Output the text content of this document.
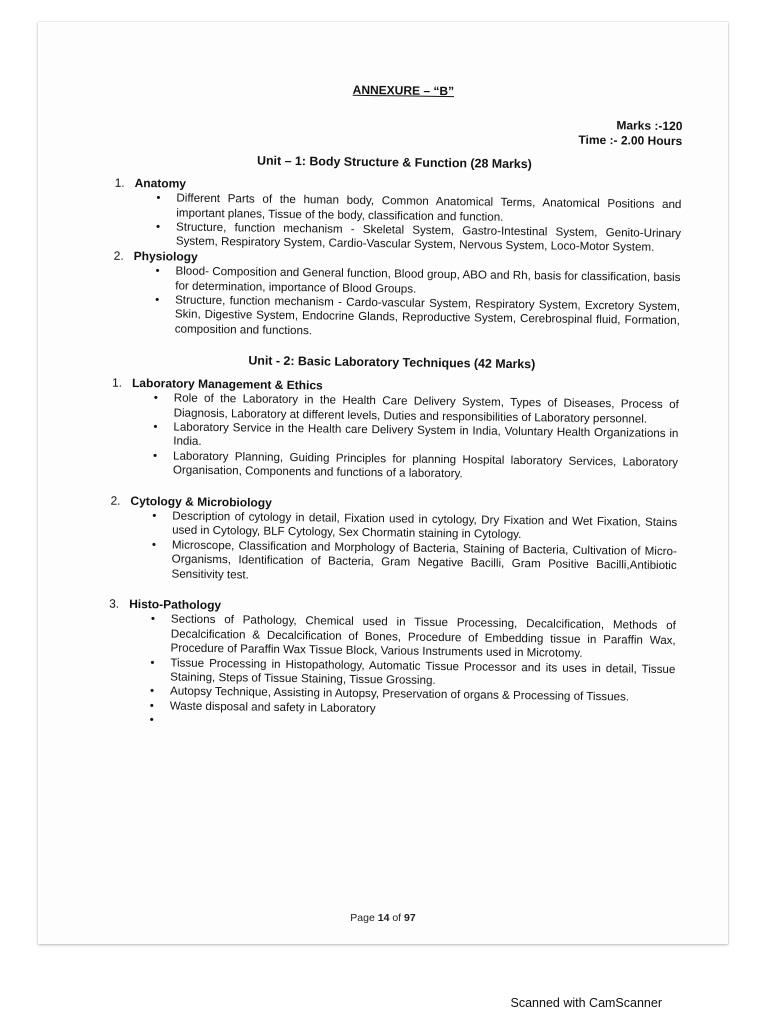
ANNEXURE – “B”
Marks :-120
Time :- 2.00 Hours
Unit – 1: Body Structure & Function (28 Marks)

1. Anatomy

• Different Parts of the human body, Common Anatomical Terms, Anatomical Positions and important planes, Tissue of the body, classification and function.
• Structure, function mechanism - Skeletal System, Gastro-Intestinal System, Genito-Urinary System, Respiratory System, Cardio-Vascular System, Nervous System, Loco-Motor System.

2. Physiology

• Blood- Composition and General function, Blood group, ABO and Rh, basis for classification, basis for determination, importance of Blood Groups.
• Structure, function mechanism - Cardo-vascular System, Respiratory System, Excretory System, Skin, Digestive System, Endocrine Glands, Reproductive System, Cerebrospinal fluid, Formation, composition and functions.
Unit - 2: Basic Laboratory Techniques (42 Marks)

1. Laboratory Management & Ethics

• Role of the Laboratory in the Health Care Delivery System, Types of Diseases, Process of Diagnosis, Laboratory at different levels, Duties and responsibilities of Laboratory personnel.
• Laboratory Service in the Health care Delivery System in India, Voluntary Health Organizations in India.
• Laboratory Planning, Guiding Principles for planning Hospital laboratory Services, Laboratory Organisation, Components and functions of a laboratory.

2. Cytology & Microbiology

• Description of cytology in detail, Fixation used in cytology, Dry Fixation and Wet Fixation, Stains used in Cytology, BLF Cytology, Sex Chormatin staining in Cytology.
• Microscope, Classification and Morphology of Bacteria, Staining of Bacteria, Cultivation of Micro-Organisms, Identification of Bacteria, Gram Negative Bacilli, Gram Positive Bacilli,Antibiotic Sensitivity test.

3. Histo-Pathology

• Sections of Pathology, Chemical used in Tissue Processing, Decalcification, Methods of Decalcification & Decalcification of Bones, Procedure of Embedding tissue in Paraffin Wax, Procedure of Paraffin Wax Tissue Block, Various Instruments used in Microtomy.
• Tissue Processing in Histopathology, Automatic Tissue Processor and its uses in detail, Tissue Staining, Steps of Tissue Staining, Tissue Grossing.
• Autopsy Technique, Assisting in Autopsy, Preservation of organs & Processing of Tissues.
• Waste disposal and safety in Laboratory
•
Page 14 of 97
Scanned with CamScanner
